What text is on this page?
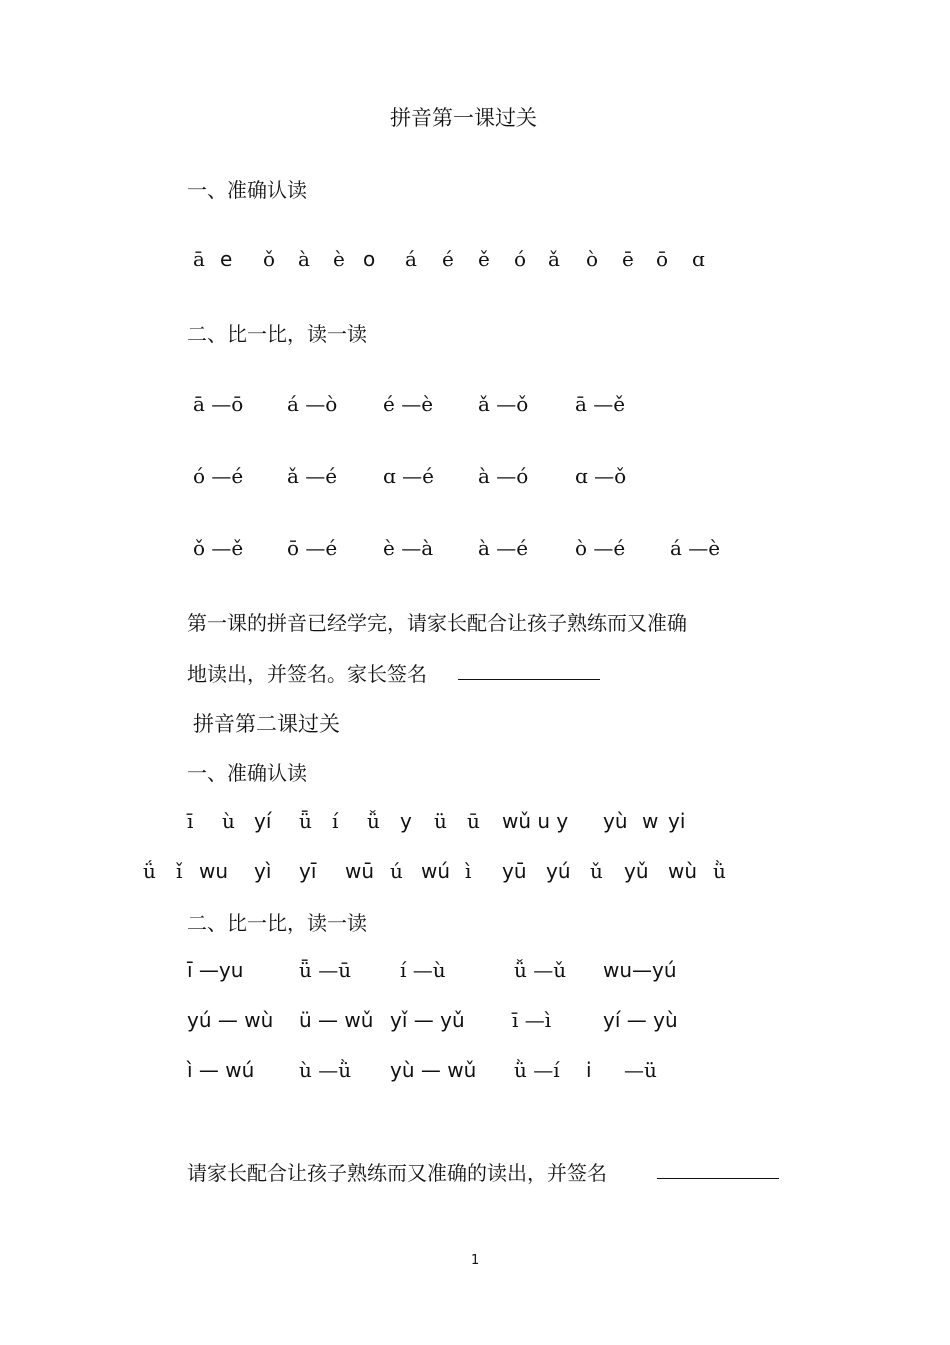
拼音第一课过关
一、准确认读
ā e ǒ à è o á é ě ó ǎ ò ē ō ɑ
二、比一比，读一读
ā —ō á —ò é —è ǎ —ǒ ā —ě
ó —é ǎ —é ɑ —é à —ó ɑ —ǒ
ǒ —ě ō —é è —à à —é ò —é á —è
第一课的拼音已经学完，请家长配合让孩子熟练而又准确
地读出，并签名。家长签名
拼音第二课过关
一、准确认读
ī ù yí ǖ í ǚ y ü ū wǔ u y yù w yi
ǘ ǐ wu yì yī wū ú wú ì yū yú ǔ yǔ wù ǜ
二、比一比，读一读
ī —yu	ǖ —ū í —ù	ǚ —ǔ wu—yú
yú — wù ü — wǔ yǐ — yǔ ī —ì	yí — yù
ì — wú ù —ǜ yù — wǔ ǜ —í i —ü
请家长配合让孩子熟练而又准确的读出，并签名
1
